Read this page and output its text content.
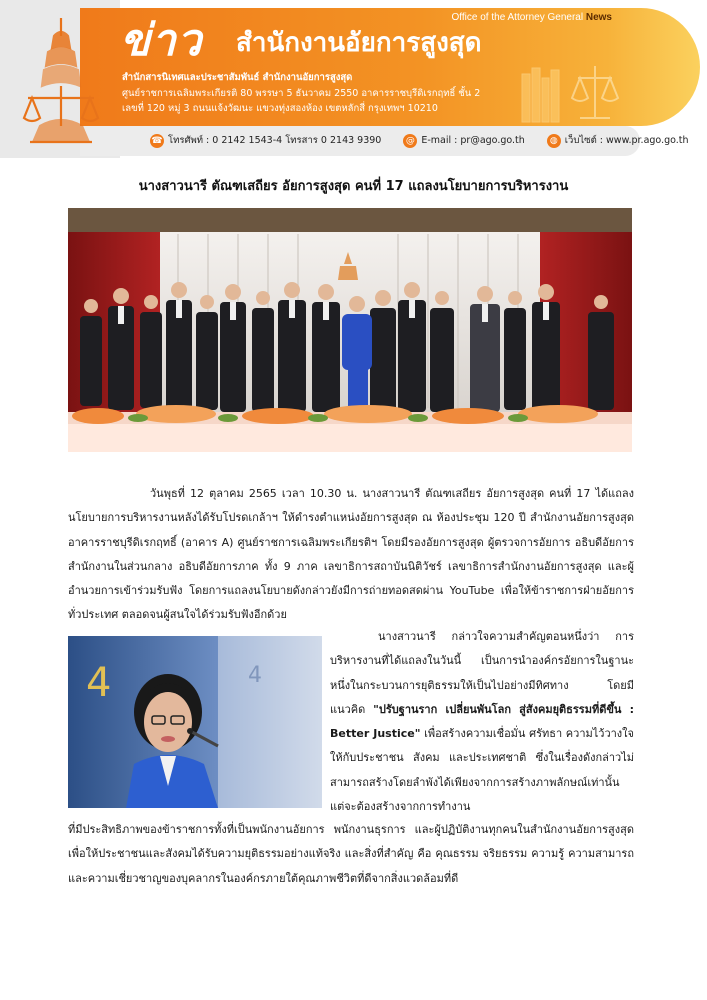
Office of the Attorney General News
ข่าว สำนักงานอัยการสูงสุด
สำนักสารนิเทศและประชาสัมพันธ์ สำนักงานอัยการสูงสุด
ศูนย์ราชการเฉลิมพระเกียรติ 80 พรรษา 5 ธันวาคม 2550 อาคารราชบุรีดิเรกฤทธิ์ ชั้น 2
เลขที่ 120 หมู่ 3 ถนนแจ้งวัฒนะ แขวงทุ่งสองห้อง เขตหลักสี่ กรุงเทพฯ 10210
☎ โทรศัพท์ : 0 2142 1543-4 โทรสาร 0 2143 9390	@ E-mail : pr@ago.go.th	◍ เว็บไซต์ : www.pr.ago.go.th
นางสาวนารี ตัณฑเสถียร อัยการสูงสุด คนที่ 17 แถลงนโยบายการบริหารงาน
วันพุธที่ 12 ตุลาคม 2565 เวลา 10.30 น. นางสาวนารี ตัณฑเสถียร อัยการสูงสุด คนที่ 17 ได้แถลงนโยบายการบริหารงานหลังได้รับโปรดเกล้าฯ ให้ดำรงตำแหน่งอัยการสูงสุด ณ ห้องประชุม 120 ปี สำนักงานอัยการสูงสุด อาคารราชบุรีดิเรกฤทธิ์ (อาคาร A) ศูนย์ราชการเฉลิมพระเกียรติฯ โดยมีรองอัยการสูงสุด ผู้ตรวจการอัยการ อธิบดีอัยการสำนักงานในส่วนกลาง อธิบดีอัยการภาค ทั้ง 9 ภาค เลขาธิการสถาบันนิติวัชร์ เลขาธิการสำนักงานอัยการสูงสุด และผู้อำนวยการเข้าร่วมรับฟัง โดยการแถลงนโยบายดังกล่าวยังมีการถ่ายทอดสดผ่าน YouTube เพื่อให้ข้าราชการฝ่ายอัยการทั่วประเทศ ตลอดจนผู้สนใจได้ร่วมรับฟังอีกด้วย
4	4
นางสาวนารี กล่าวใจความสำคัญตอนหนึ่งว่า การบริหารงานที่ได้แถลงในวันนี้ เป็นการนำองค์กรอัยการในฐานะหนึ่งในกระบวนการยุติธรรมให้เป็นไปอย่างมีทิศทาง โดยมีแนวคิด "ปรับฐานราก เปลี่ยนพันโลก สู่สังคมยุติธรรมที่ดีขึ้น : Better Justice" เพื่อสร้างความเชื่อมั่น ศรัทธา ความไว้วางใจให้กับประชาชน สังคม และประเทศชาติ ซึ่งในเรื่องดังกล่าวไม่สามารถสร้างโดยลำพังได้เพียงจากการสร้างภาพลักษณ์เท่านั้น แต่จะต้องสร้างจากการทำงาน
ที่มีประสิทธิภาพของข้าราชการทั้งที่เป็นพนักงานอัยการ พนักงานธุรการ และผู้ปฏิบัติงานทุกคนในสำนักงานอัยการสูงสุด เพื่อให้ประชาชนและสังคมได้รับความยุติธรรมอย่างแท้จริง และสิ่งที่สำคัญ คือ คุณธรรม จริยธรรม ความรู้ ความสามารถและความเชี่ยวชาญของบุคลากรในองค์กรภายใต้คุณภาพชีวิตที่ดีจากสิ่งแวดล้อมที่ดี
